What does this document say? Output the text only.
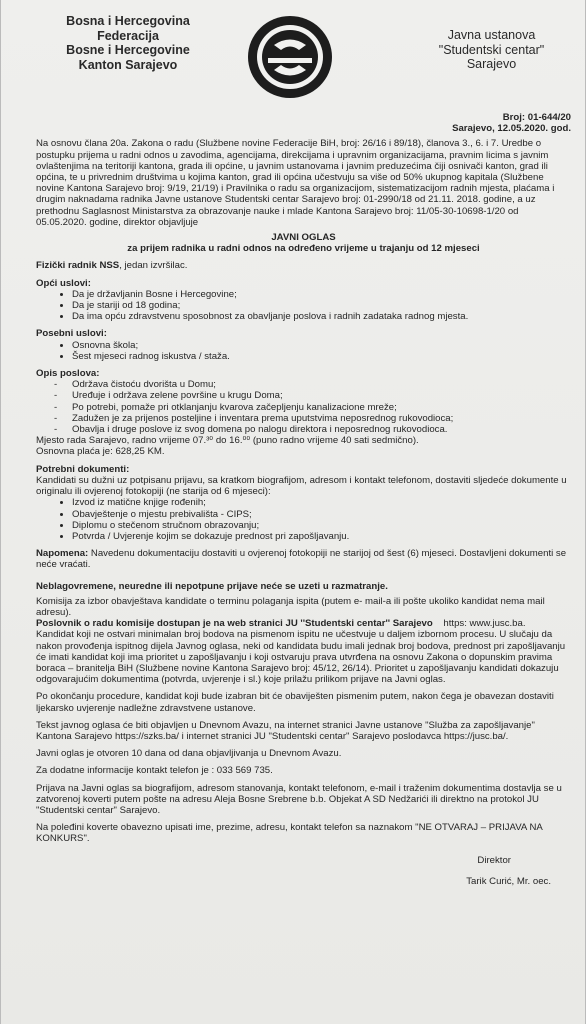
Bosna i Hercegovina
Federacija
Bosne i Hercegovine
Kanton Sarajevo
Javna ustanova
"Studentski centar"
Sarajevo
Broj: 01-644/20
Sarajevo, 12.05.2020. god.

Na osnovu člana 20a. Zakona o radu (Službene novine Federacije BiH, broj: 26/16 i 89/18), članova 3., 6. i 7. Uredbe o postupku prijema u radni odnos u zavodima, agencijama, direkcijama i upravnim organizacijama, pravnim licima s javnim ovlaštenjima na teritoriji kantona, grada ili općine, u javnim ustanovama i javnim preduzećima čiji osnivači kanton, grad ili općina, te u privrednim društvima u kojima kanton, grad ili općina učestvuju sa više od 50% ukupnog kapitala (Službene novine Kantona Sarajevo broj: 9/19, 21/19) i Pravilnika o radu sa organizacijom, sistematizacijom radnih mjesta, plaćama i drugim naknadama radnika Javne ustanove Studentski centar Sarajevo broj: 01-2990/18 od 21.11. 2018. godine, a uz prethodnu Saglasnost Ministarstva za obrazovanje nauke i mlade Kantona Sarajevo broj: 11/05-30-10698-1/20 od 05.05.2020. godine, direktor objavljuje

JAVNI OGLAS
za prijem radnika u radni odnos na određeno vrijeme u trajanju od 12 mjeseci
Fizički radnik NSS, jedan izvršilac.
Opći uslovi:
• Da je državljanin Bosne i Hercegovine;
• Da je stariji od 18 godina;
• Da ima opću zdravstvenu sposobnost za obavljanje poslova i radnih zadataka radnog mjesta.
Posebni uslovi:
• Osnovna škola;
• Šest mjeseci radnog iskustva / staža.
Opis poslova:
- Održava čistoću dvorišta u Domu;
- Uređuje i održava zelene površine u krugu Doma;
- Po potrebi, pomaže pri otklanjanju kvarova začepljenju kanalizacione mreže;
- Zadužen je za prijenos posteljine i inventara prema uputstvima neposrednog rukovodioca;
- Obavlja i druge poslove iz svog domena po nalogu direktora i neposrednog rukovodioca.
Mjesto rada Sarajevo, radno vrijeme 07.³⁰ do 16.⁰⁰ (puno radno vrijeme 40 sati sedmično).
Osnovna plaća je: 628,25 KM.
Potrebni dokumenti:

Kandidati su dužni uz potpisanu prijavu, sa kratkom biografijom, adresom i kontakt telefonom, dostaviti sljedeće dokumente u originalu ili ovjerenoj fotokopiji (ne starija od 6 mjeseci):

• Izvod iz matične knjige rođenih;
• Obavještenje o mjestu prebivališta - CIPS;
• Diplomu o stečenom stručnom obrazovanju;
• Potvrda / Uvjerenje kojim se dokazuje prednost pri zapošljavanju.

Napomena: Navedenu dokumentaciju dostaviti u ovjerenoj fotokopiji ne starijoj od šest (6) mjeseci. Dostavljeni dokumenti se neće vraćati.

Neblagovremene, neuredne ili nepotpune prijave neće se uzeti u razmatranje.

Komisija za izbor obavještava kandidate o terminu polaganja ispita (putem e- mail-a ili pošte ukoliko kandidat nema mail adresu).

Poslovnik o radu komisije dostupan je na web stranici JU ''Studentski centar'' Sarajevo https: www.jusc.ba.

Kandidat koji ne ostvari minimalan broj bodova na pismenom ispitu ne učestvuje u daljem izbornom procesu. U slučaju da nakon provođenja ispitnog dijela Javnog oglasa, neki od kandidata budu imali jednak broj bodova, prednost pri zapošljavanju će imati kandidat koji ima prioritet u zapošljavanju i koji ostvaruju prava utvrđena na osnovu Zakona o dopunskim pravima boraca – branitelja BiH (Službene novine Kantona Sarajevo broj: 45/12, 26/14). Prioritet u zapošljavanju kandidati dokazuju odgovarajućim dokumentima (potvrda, uvjerenje i sl.) koje prilažu prilikom prijave na Javni oglas.

Po okončanju procedure, kandidat koji bude izabran bit će obaviješten pismenim putem, nakon čega je obavezan dostaviti ljekarsko uvjerenje nadležne zdravstvene ustanove.

Tekst javnog oglasa će biti objavljen u Dnevnom Avazu, na internet stranici Javne ustanove "Služba za zapošljavanje" Kantona Sarajevo https://szks.ba/ i internet stranici JU "Studentski centar" Sarajevo poslodavca https://jusc.ba/.

Javni oglas je otvoren 10 dana od dana objavljivanja u Dnevnom Avazu.

Za dodatne informacije kontakt telefon je : 033 569 735.

Prijava na Javni oglas sa biografijom, adresom stanovanja, kontakt telefonom, e-mail i traženim dokumentima dostavlja se u zatvorenoj koverti putem pošte na adresu Aleja Bosne Srebrene b.b. Objekat A SD Nedžarići ili direktno na protokol JU "Studentski centar" Sarajevo.

Na poleđini koverte obavezno upisati ime, prezime, adresu, kontakt telefon sa naznakom "NE OTVARAJ – PRIJAVA NA KONKURS".

Direktor
Tarik Curić, Mr. oec.
